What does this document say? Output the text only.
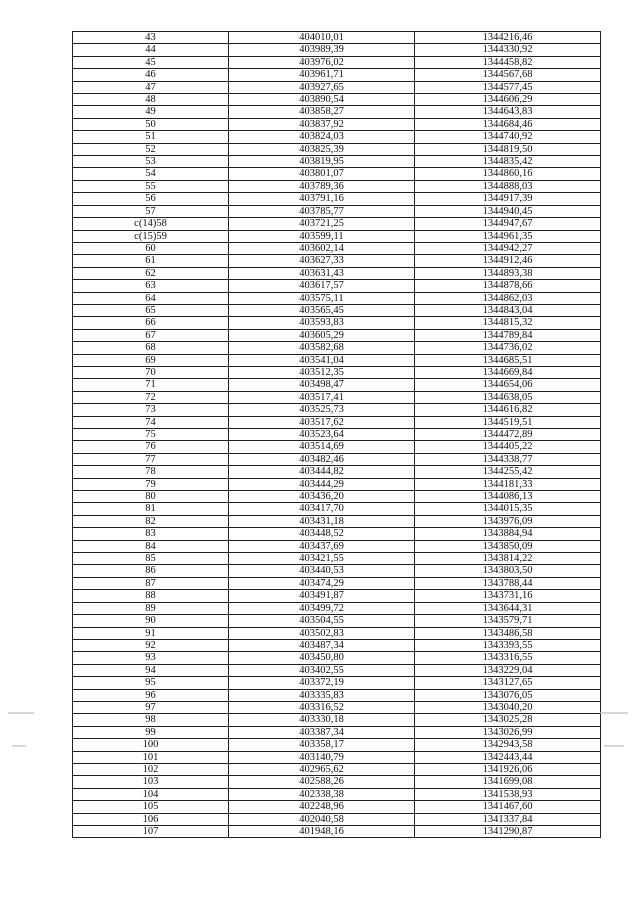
43	404010,01	1344216,46
44	403989,39	1344330,92
45	403976,02	1344458,82
46	403961,71	1344567,68
47	403927,65	1344577,45
48	403890,54	1344606,29
49	403858,27	1344643,83
50	403837,92	1344684,46
51	403824,03	1344740,92
52	403825,39	1344819,50
53	403819,95	1344835,42
54	403801,07	1344860,16
55	403789,36	1344888,03
56	403791,16	1344917,39
57	403785,77	1344940,45
c(14)58	403721,25	1344947,67
c(15)59	403599,11	1344961,35
60	403602,14	1344942,27
61	403627,33	1344912,46
62	403631,43	1344893,38
63	403617,57	1344878,66
64	403575,11	1344862,03
65	403565,45	1344843,04
66	403593,83	1344815,32
67	403605,29	1344789,84
68	403582,68	1344736,02
69	403541,04	1344685,51
70	403512,35	1344669,84
71	403498,47	1344654,06
72	403517,41	1344638,05
73	403525,73	1344616,82
74	403517,62	1344519,51
75	403523,64	1344472,89
76	403514,69	1344405,22
77	403482,46	1344338,77
78	403444,82	1344255,42
79	403444,29	1344181,33
80	403436,20	1344086,13
81	403417,70	1344015,35
82	403431,18	1343976,09
83	403448,52	1343884,94
84	403437,69	1343850,09
85	403421,55	1343814,22
86	403440,53	1343803,50
87	403474,29	1343788,44
88	403491,87	1343731,16
89	403499,72	1343644,31
90	403504,55	1343579,71
91	403502,83	1343486,58
92	403487,34	1343393,55
93	403450,80	1343316,55
94	403402,55	1343229,04
95	403372,19	1343127,65
96	403335,83	1343076,05
97	403316,52	1343040,20
98	403330,18	1343025,28
99	403387,34	1343026,99
100	403358,17	1342943,58
101	403140,79	1342443,44
102	402965,62	1341926,06
103	402588,26	1341699,08
104	402338,38	1341538,93
105	402248,96	1341467,60
106	402040,58	1341337,84
107	401948,16	1341290,87
